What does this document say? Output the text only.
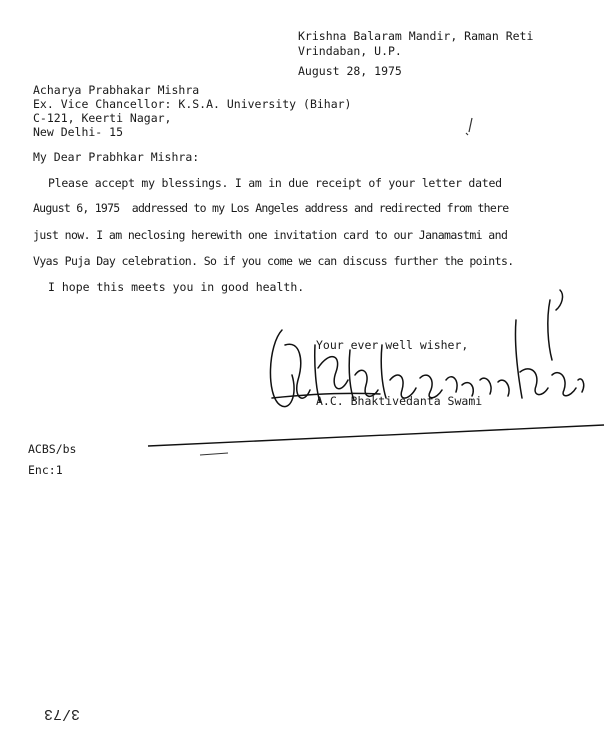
Krishna Balaram Mandir, Raman Reti
Vrindaban, U.P.
August 28, 1975
Acharya Prabhakar Mishra
Ex. Vice Chancellor: K.S.A. University (Bihar)
C-121, Keerti Nagar,
New Delhi- 15
My Dear Prabhkar Mishra:
Please accept my blessings. I am in due receipt of your letter dated
August 6, 1975  addressed to my Los Angeles address and redirected from there
just now. I am neclosing herewith one invitation card to our Janamastmi and
Vyas Puja Day celebration. So if you come we can discuss further the points.
I hope this meets you in good health.
Your ever well wisher,
A.C. Bhaktivedanta Swami
3/73
ACBS/bs
Enc:1
